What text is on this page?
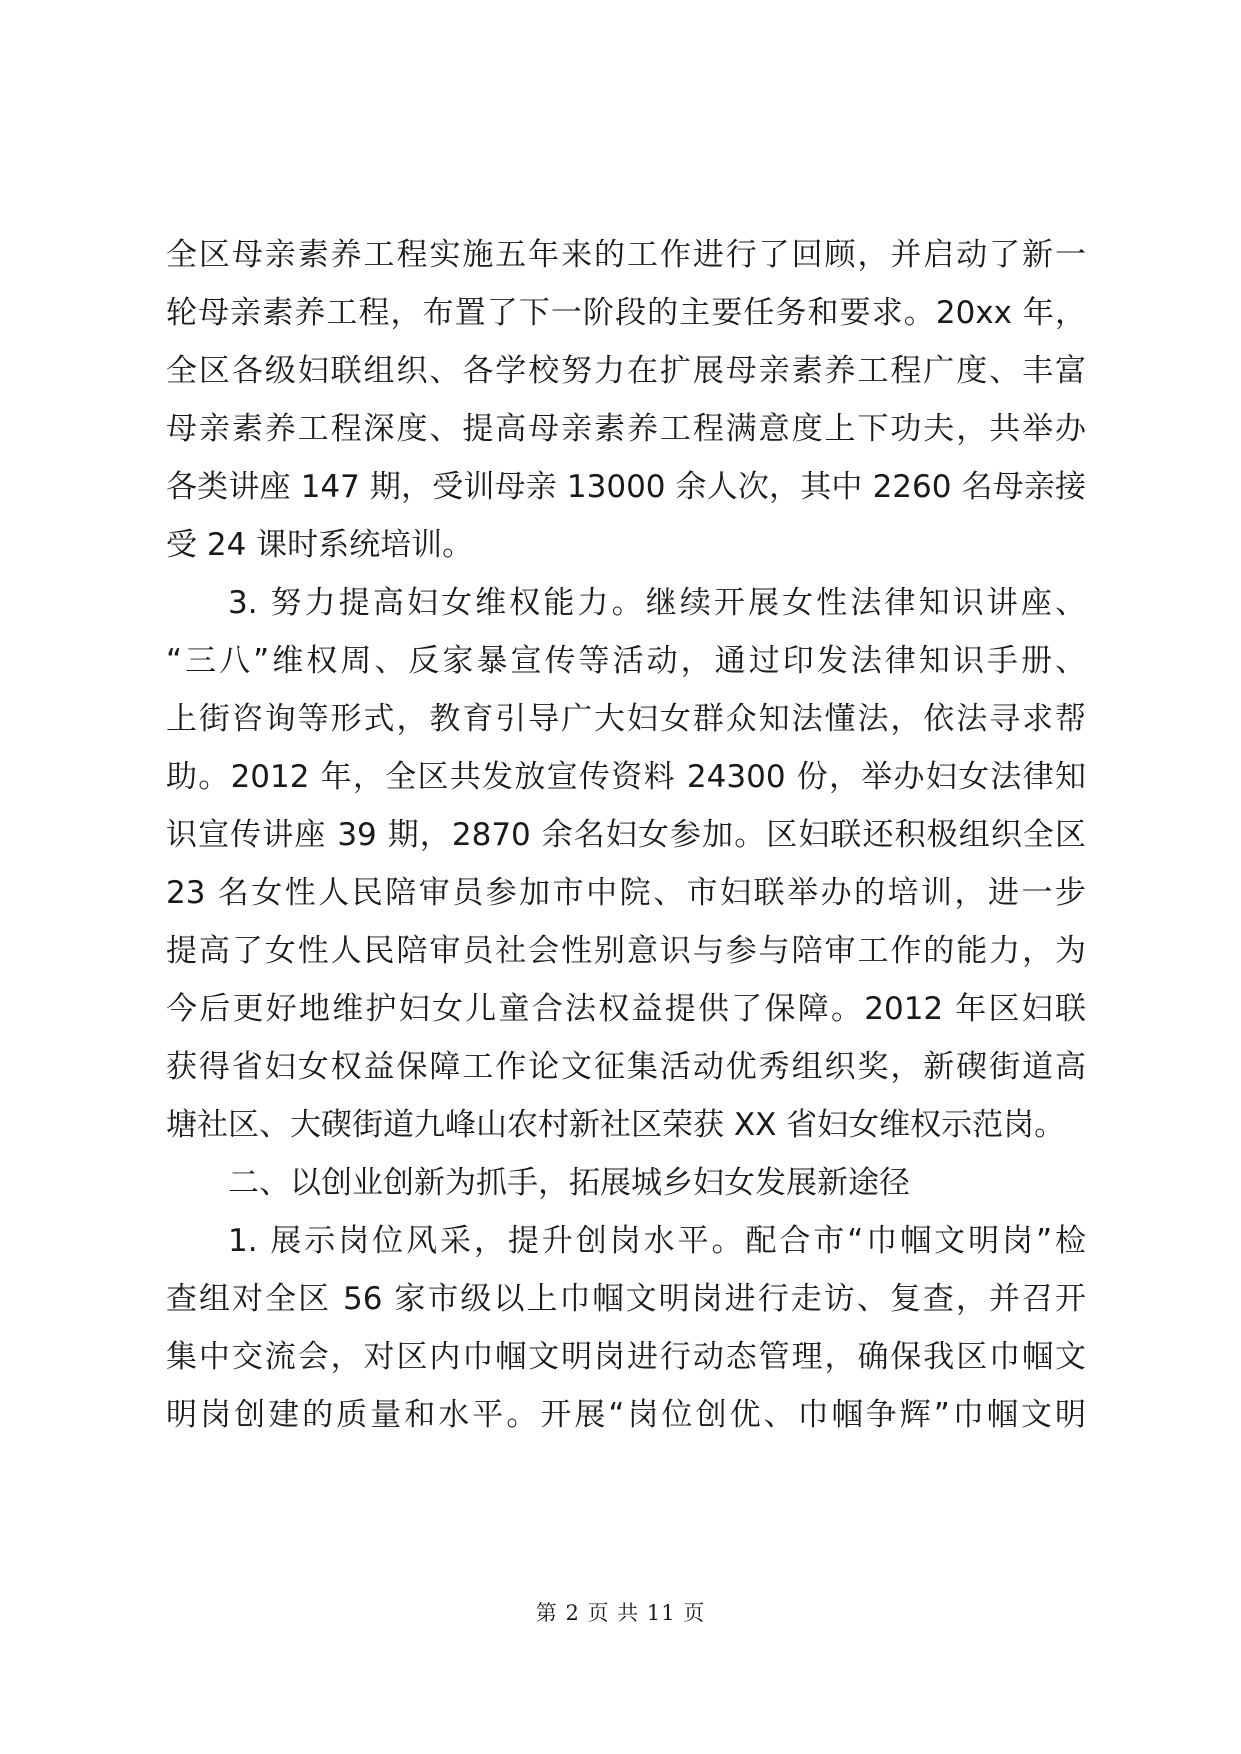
全区母亲素养工程实施五年来的工作进行了回顾，并启动了新一
轮母亲素养工程，布置了下一阶段的主要任务和要求。20xx 年，
全区各级妇联组织、各学校努力在扩展母亲素养工程广度、丰富
母亲素养工程深度、提高母亲素养工程满意度上下功夫，共举办
各类讲座 147 期，受训母亲 13000 余人次，其中 2260 名母亲接
受 24 课时系统培训。
3. 努力提高妇女维权能力。继续开展女性法律知识讲座、
“三八”维权周、反家暴宣传等活动，通过印发法律知识手册、
上街咨询等形式，教育引导广大妇女群众知法懂法，依法寻求帮
助。2012 年，全区共发放宣传资料 24300 份，举办妇女法律知
识宣传讲座 39 期，2870 余名妇女参加。区妇联还积极组织全区
23 名女性人民陪审员参加市中院、市妇联举办的培训，进一步
提高了女性人民陪审员社会性别意识与参与陪审工作的能力，为
今后更好地维护妇女儿童合法权益提供了保障。2012 年区妇联
获得省妇女权益保障工作论文征集活动优秀组织奖，新碶街道高
塘社区、大碶街道九峰山农村新社区荣获 XX 省妇女维权示范岗。
二、以创业创新为抓手，拓展城乡妇女发展新途径
1. 展示岗位风采，提升创岗水平。配合市“巾帼文明岗”检
查组对全区 56 家市级以上巾帼文明岗进行走访、复查，并召开
集中交流会，对区内巾帼文明岗进行动态管理，确保我区巾帼文
明岗创建的质量和水平。开展“岗位创优、巾帼争辉”巾帼文明
第 2 页 共 11 页
